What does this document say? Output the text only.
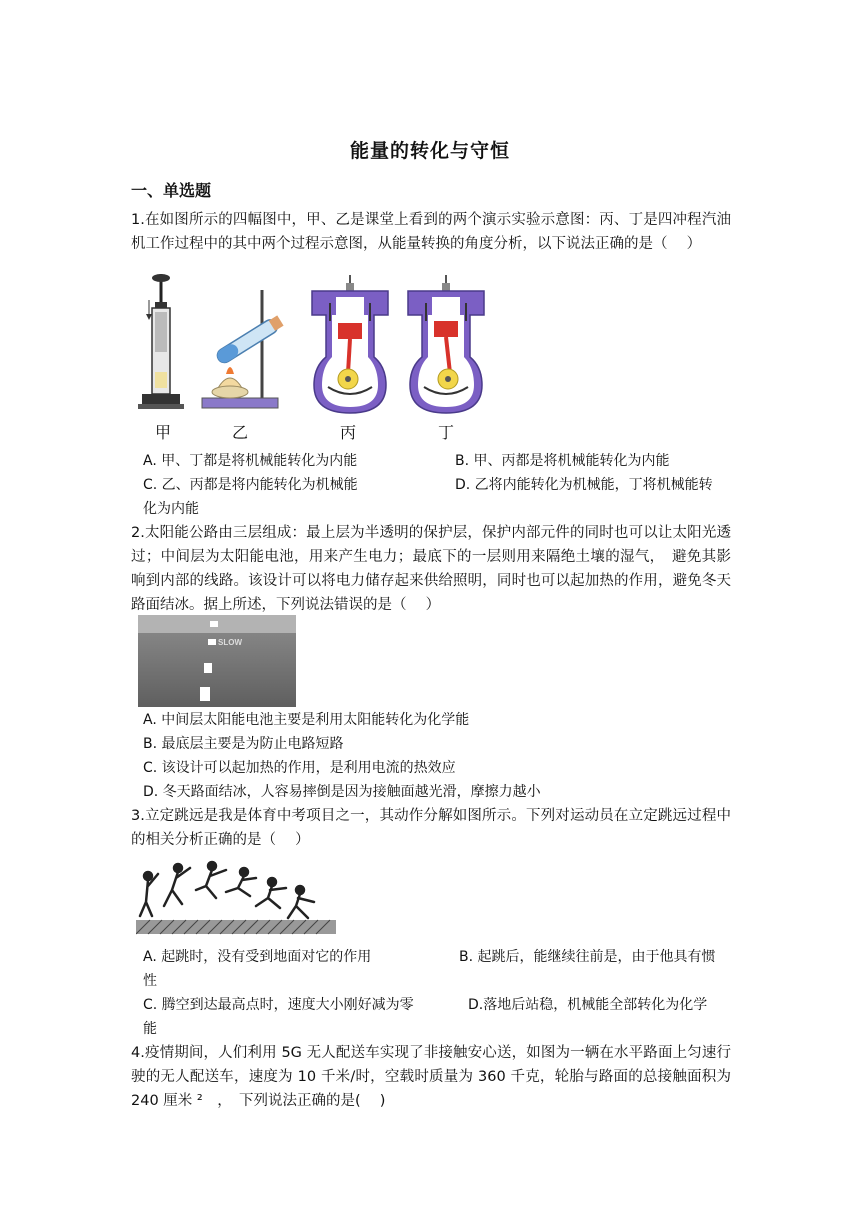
能量的转化与守恒
一、单选题
1.在如图所示的四幅图中，甲、乙是课堂上看到的两个演示实验示意图：丙、丁是四冲程汽油机工作过程中的其中两个过程示意图，从能量转换的角度分析，以下说法正确的是（　 ）
甲	乙	丙	丁
A. 甲、丁都是将机械能转化为内能	B. 甲、丙都是将机械能转化为内能
C. 乙、丙都是将内能转化为机械能	D. 乙将内能转化为机械能，丁将机械能转
化为内能
2.太阳能公路由三层组成：最上层为半透明的保护层，保护内部元件的同时也可以让太阳光透过；中间层为太阳能电池，用来产生电力；最底下的一层则用来隔绝土壤的湿气，　避免其影响到内部的线路。该设计可以将电力储存起来供给照明，同时也可以起加热的作用，避免冬天路面结冰。据上所述，下列说法错误的是（　 ）
SLOW
A. 中间层太阳能电池主要是利用太阳能转化为化学能
B. 最底层主要是为防止电路短路
C. 该设计可以起加热的作用，是利用电流的热效应
D. 冬天路面结冰，人容易摔倒是因为接触面越光滑，摩擦力越小
3.立定跳远是我是体育中考项目之一，其动作分解如图所示。下列对运动员在立定跳远过程中的相关分析正确的是（　 ）
A. 起跳时，没有受到地面对它的作用	B. 起跳后，能继续往前是，由于他具有惯
性
C. 腾空到达最高点时，速度大小刚好减为零	D.落地后站稳，机械能全部转化为化学
能
4.疫情期间，人们利用 5G 无人配送车实现了非接触安心送，如图为一辆在水平路面上匀速行驶的无人配送车，速度为 10 千米/时，空载时质量为 360 千克，轮胎与路面的总接触面积为 240 厘米 ²　，　下列说法正确的是(　 )
